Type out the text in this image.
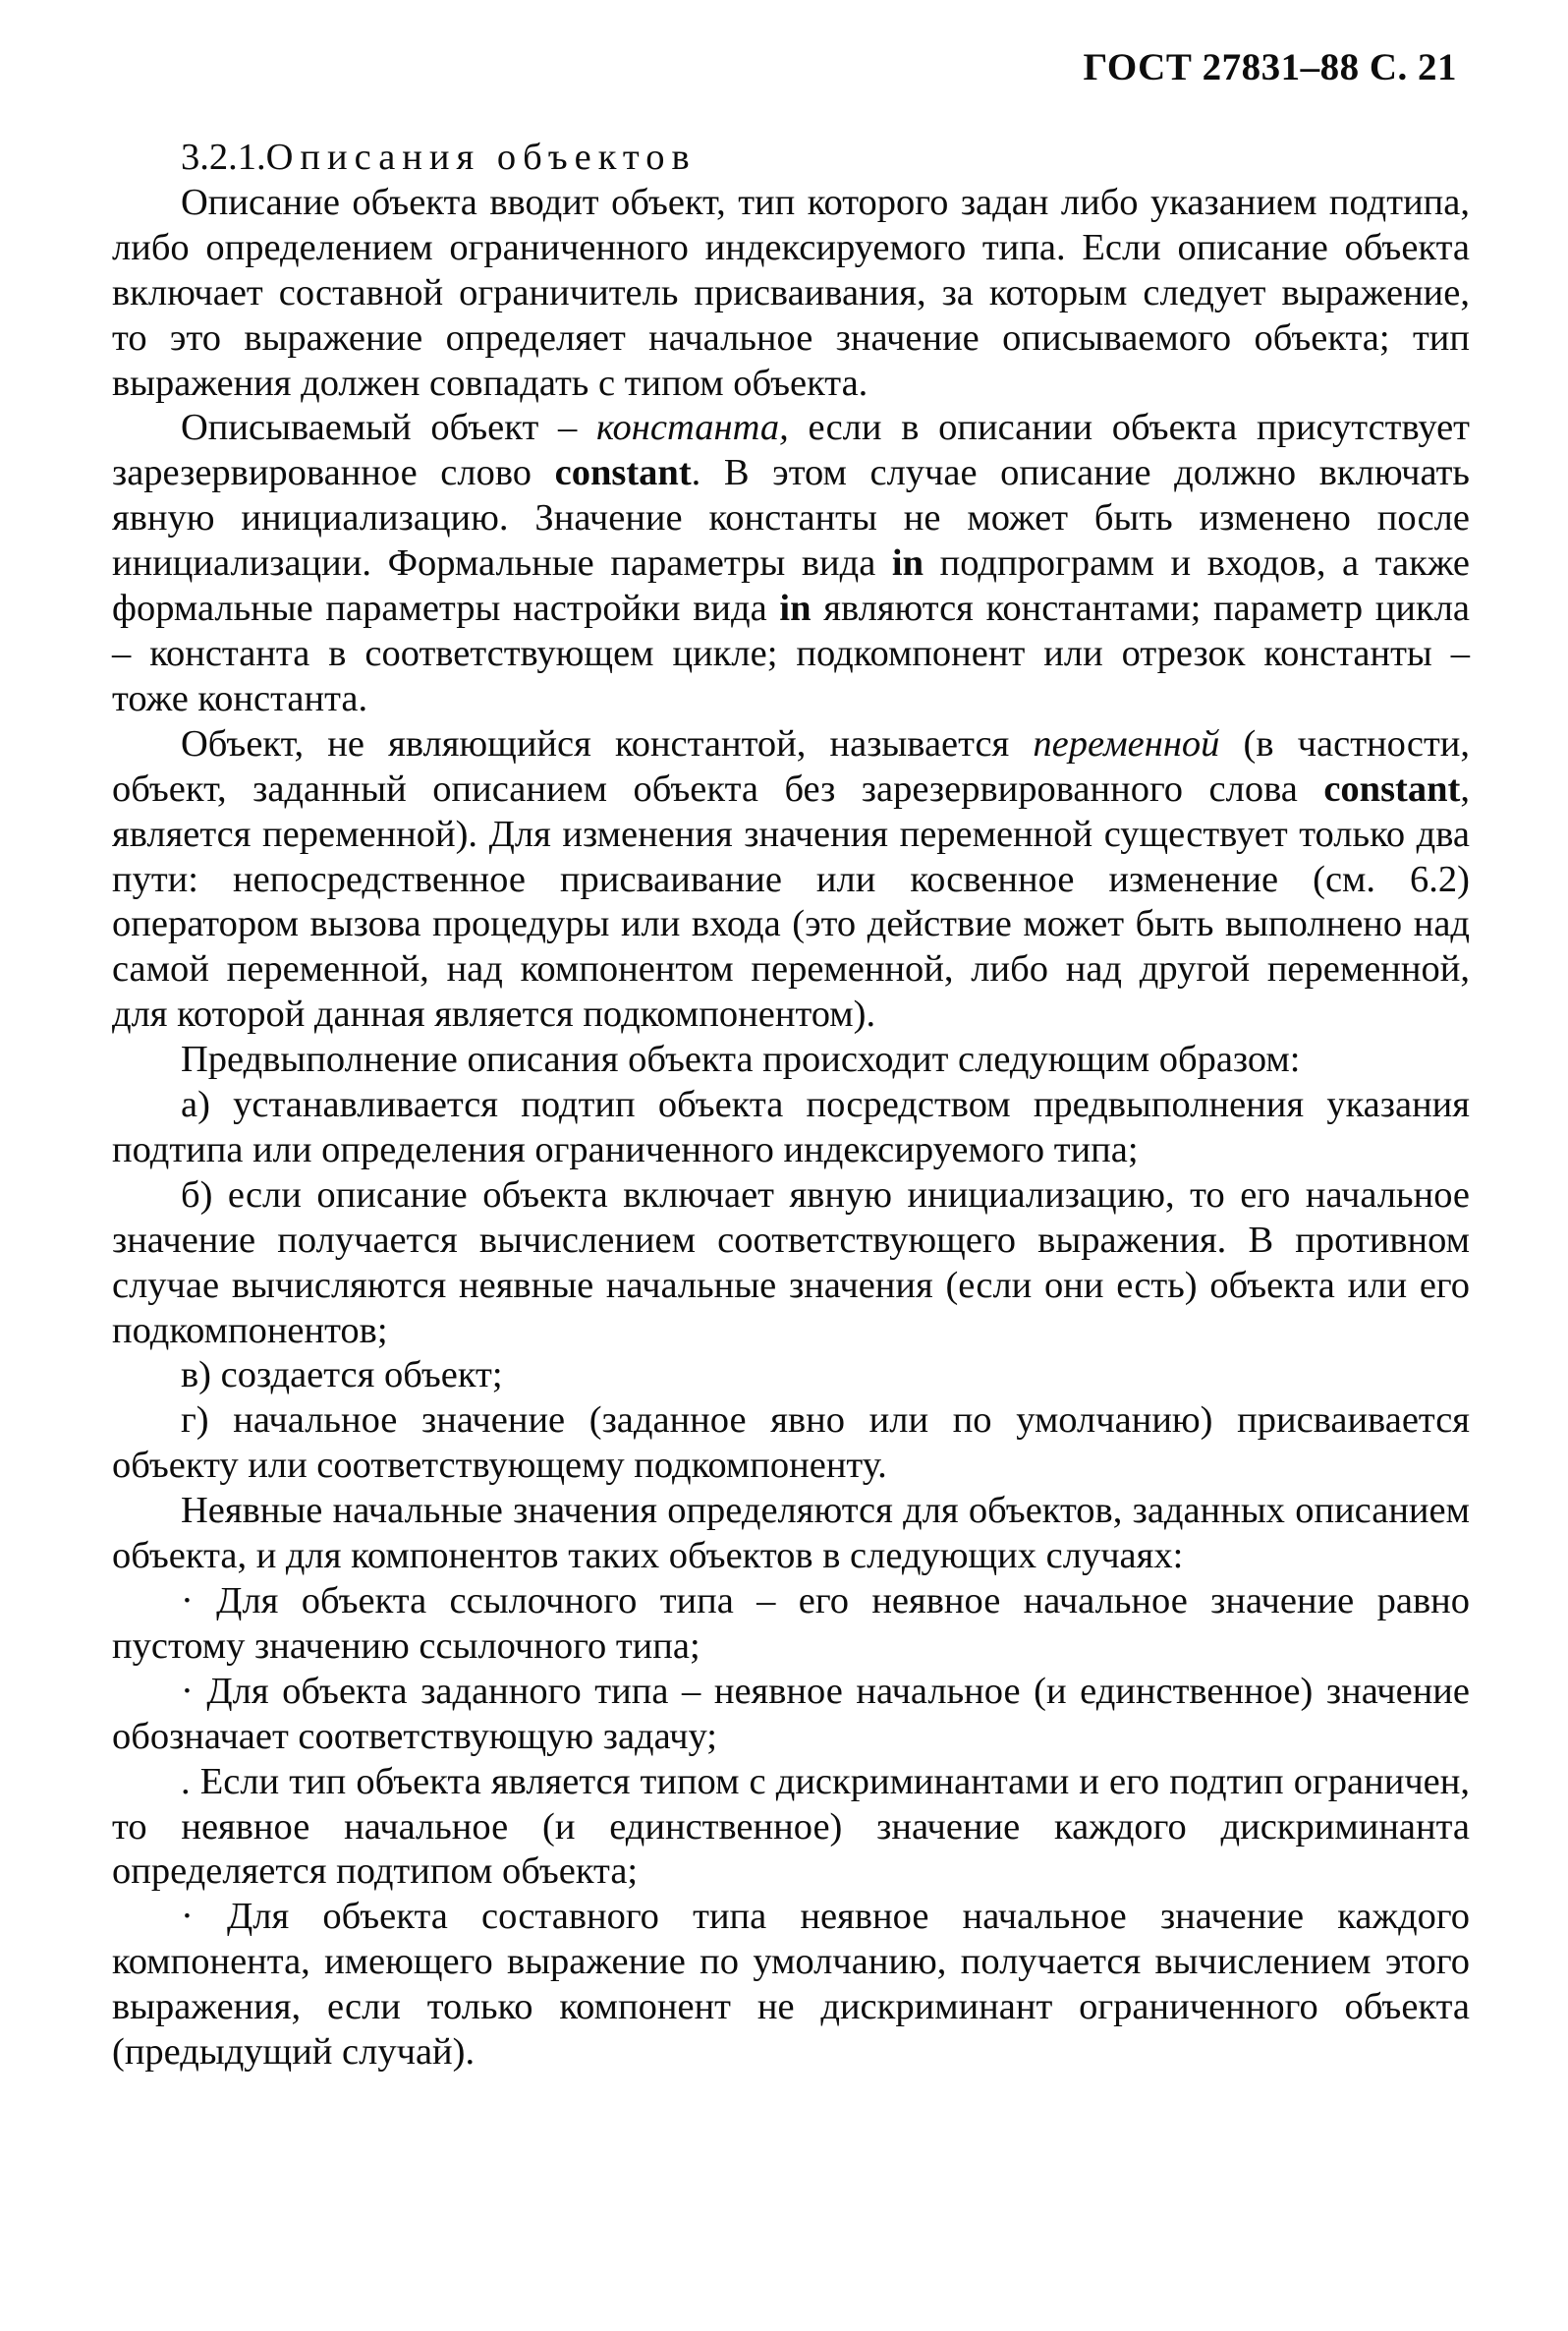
ГОСТ 27831–88 С. 21
3.2.1.Описания объектов

Описание объекта вводит объект, тип которого задан либо указанием подтипа, либо определением ограниченного индексируемого типа. Если описание объекта включает составной ограничитель присваивания, за которым следует выражение, то это выражение определяет начальное значение описываемого объекта; тип выражения должен совпадать с типом объекта.

Описываемый объект – константа, если в описании объекта присутствует зарезервированное слово constant. В этом случае описание должно включать явную инициализацию. Значение константы не может быть изменено после инициализации. Формальные параметры вида in подпрограмм и входов, а также формальные параметры настройки вида in являются константами; параметр цикла – константа в соответствующем цикле; подкомпонент или отрезок константы – тоже константа.

Объект, не являющийся константой, называется переменной (в частности, объект, заданный описанием объекта без зарезервированного слова constant, является переменной). Для изменения значения переменной существует только два пути: непосредственное присваивание или косвенное изменение (см. 6.2) оператором вызова процедуры или входа (это действие может быть выполнено над самой переменной, над компонентом переменной, либо над другой переменной, для которой данная является подкомпонентом).

Предвыполнение описания объекта происходит следующим образом:

а) устанавливается подтип объекта посредством предвыполнения указания подтипа или определения ограниченного индексируемого типа;

б) если описание объекта включает явную инициализацию, то его начальное значение получается вычислением соответствующего выражения. В противном случае вычисляются неявные начальные значения (если они есть) объекта или его подкомпонентов;

в) создается объект;

г) начальное значение (заданное явно или по умолчанию) присваивается объекту или соответствующему подкомпоненту.

Неявные начальные значения определяются для объектов, заданных описанием объекта, и для компонентов таких объектов в следующих случаях:

· Для объекта ссылочного типа – его неявное начальное значение равно пустому значению ссылочного типа;

· Для объекта заданного типа – неявное начальное (и единственное) значение обозначает соответствующую задачу;

. Если тип объекта является типом с дискриминантами и его подтип ограничен, то неявное начальное (и единственное) значение каждого дискриминанта определяется подтипом объекта;

· Для объекта составного типа неявное начальное значение каждого компонента, имеющего выражение по умолчанию, получается вычислением этого выражения, если только компонент не дискриминант ограниченного объекта (предыдущий случай).
